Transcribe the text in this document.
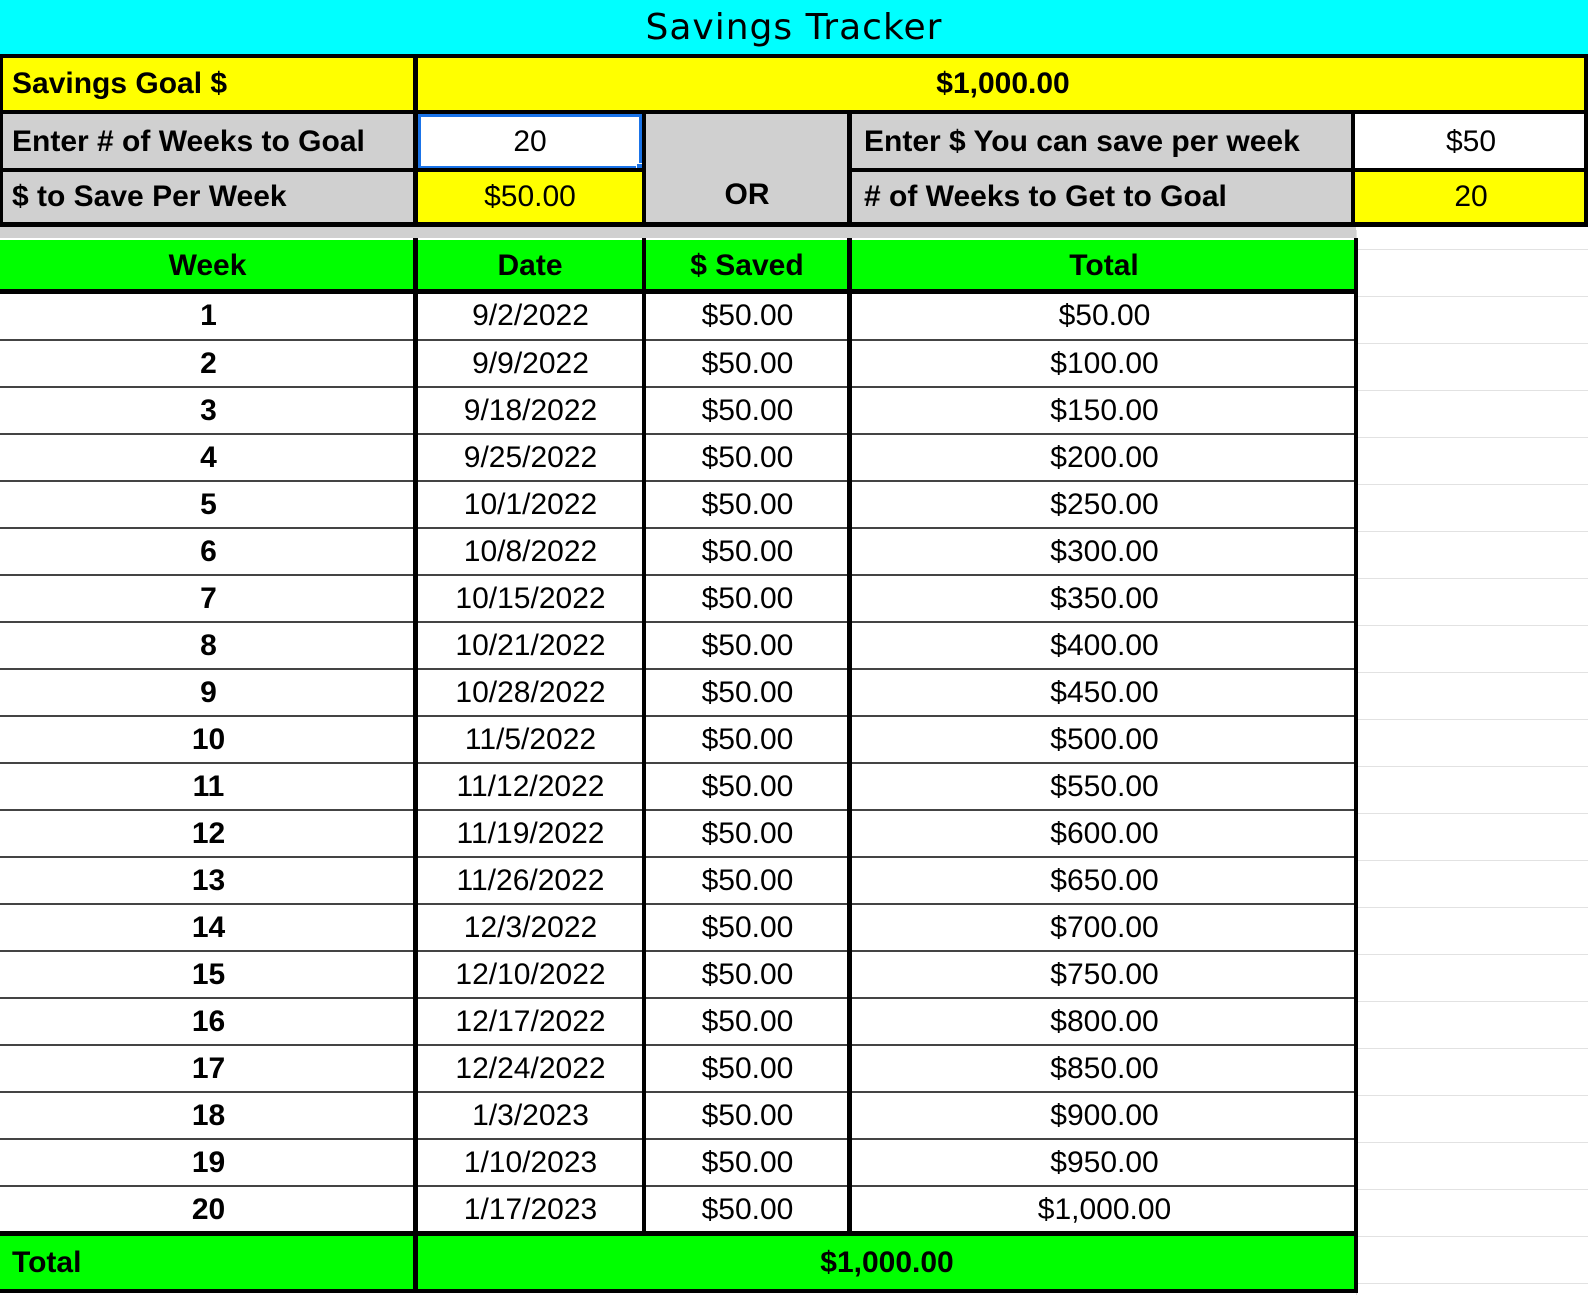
Savings Tracker
Savings Goal $	$1,000.00
Enter # of Weeks to Goal	20
$ to Save Per Week	$50.00	OR
Enter $ You can save per week	$50
# of Weeks to Get to Goal	20
Week	Date	$ Saved	Total
1	9/2/2022	$50.00	$50.00
2	9/9/2022	$50.00	$100.00
3	9/18/2022	$50.00	$150.00
4	9/25/2022	$50.00	$200.00
5	10/1/2022	$50.00	$250.00
6	10/8/2022	$50.00	$300.00
7	10/15/2022	$50.00	$350.00
8	10/21/2022	$50.00	$400.00
9	10/28/2022	$50.00	$450.00
10	11/5/2022	$50.00	$500.00
11	11/12/2022	$50.00	$550.00
12	11/19/2022	$50.00	$600.00
13	11/26/2022	$50.00	$650.00
14	12/3/2022	$50.00	$700.00
15	12/10/2022	$50.00	$750.00
16	12/17/2022	$50.00	$800.00
17	12/24/2022	$50.00	$850.00
18	1/3/2023	$50.00	$900.00
19	1/10/2023	$50.00	$950.00
20	1/17/2023	$50.00	$1,000.00
Total	$1,000.00
